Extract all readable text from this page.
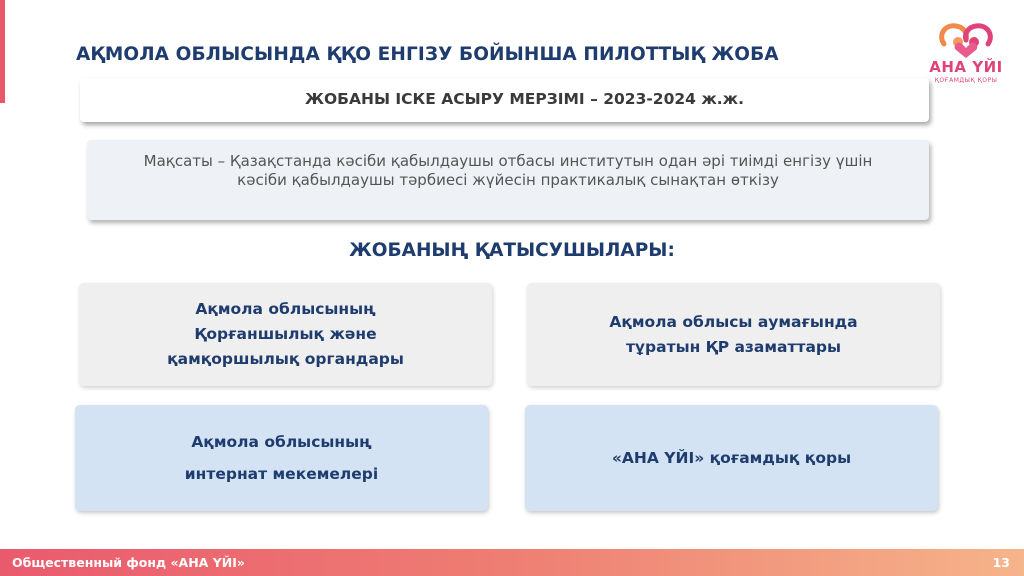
АҚМОЛА ОБЛЫСЫНДА ҚҚО ЕНГІЗУ БОЙЫНША ПИЛОТТЫҚ ЖОБА
АНА ҮЙІ
ҚОҒАМДЫҚ ҚОРЫ
ЖОБАНЫ ІСКЕ АСЫРУ МЕРЗІМІ – 2023-2024 ж.ж.
Мақсаты – Қазақстанда кәсіби қабылдаушы отбасы институтын одан әрі тиімді енгізу үшін
кәсіби қабылдаушы тәрбиесі жүйесін практикалық сынақтан өткізу
ЖОБАНЫҢ ҚАТЫСУШЫЛАРЫ:
Ақмола облысының
Қорғаншылық және
қамқоршылық органдары
Ақмола облысы аумағында
тұратын ҚР азаматтары
Ақмола облысының
интернат мекемелері
«АНА ҮЙІ» қоғамдық қоры
Общественный фонд «АНА ҮЙІ»	13
